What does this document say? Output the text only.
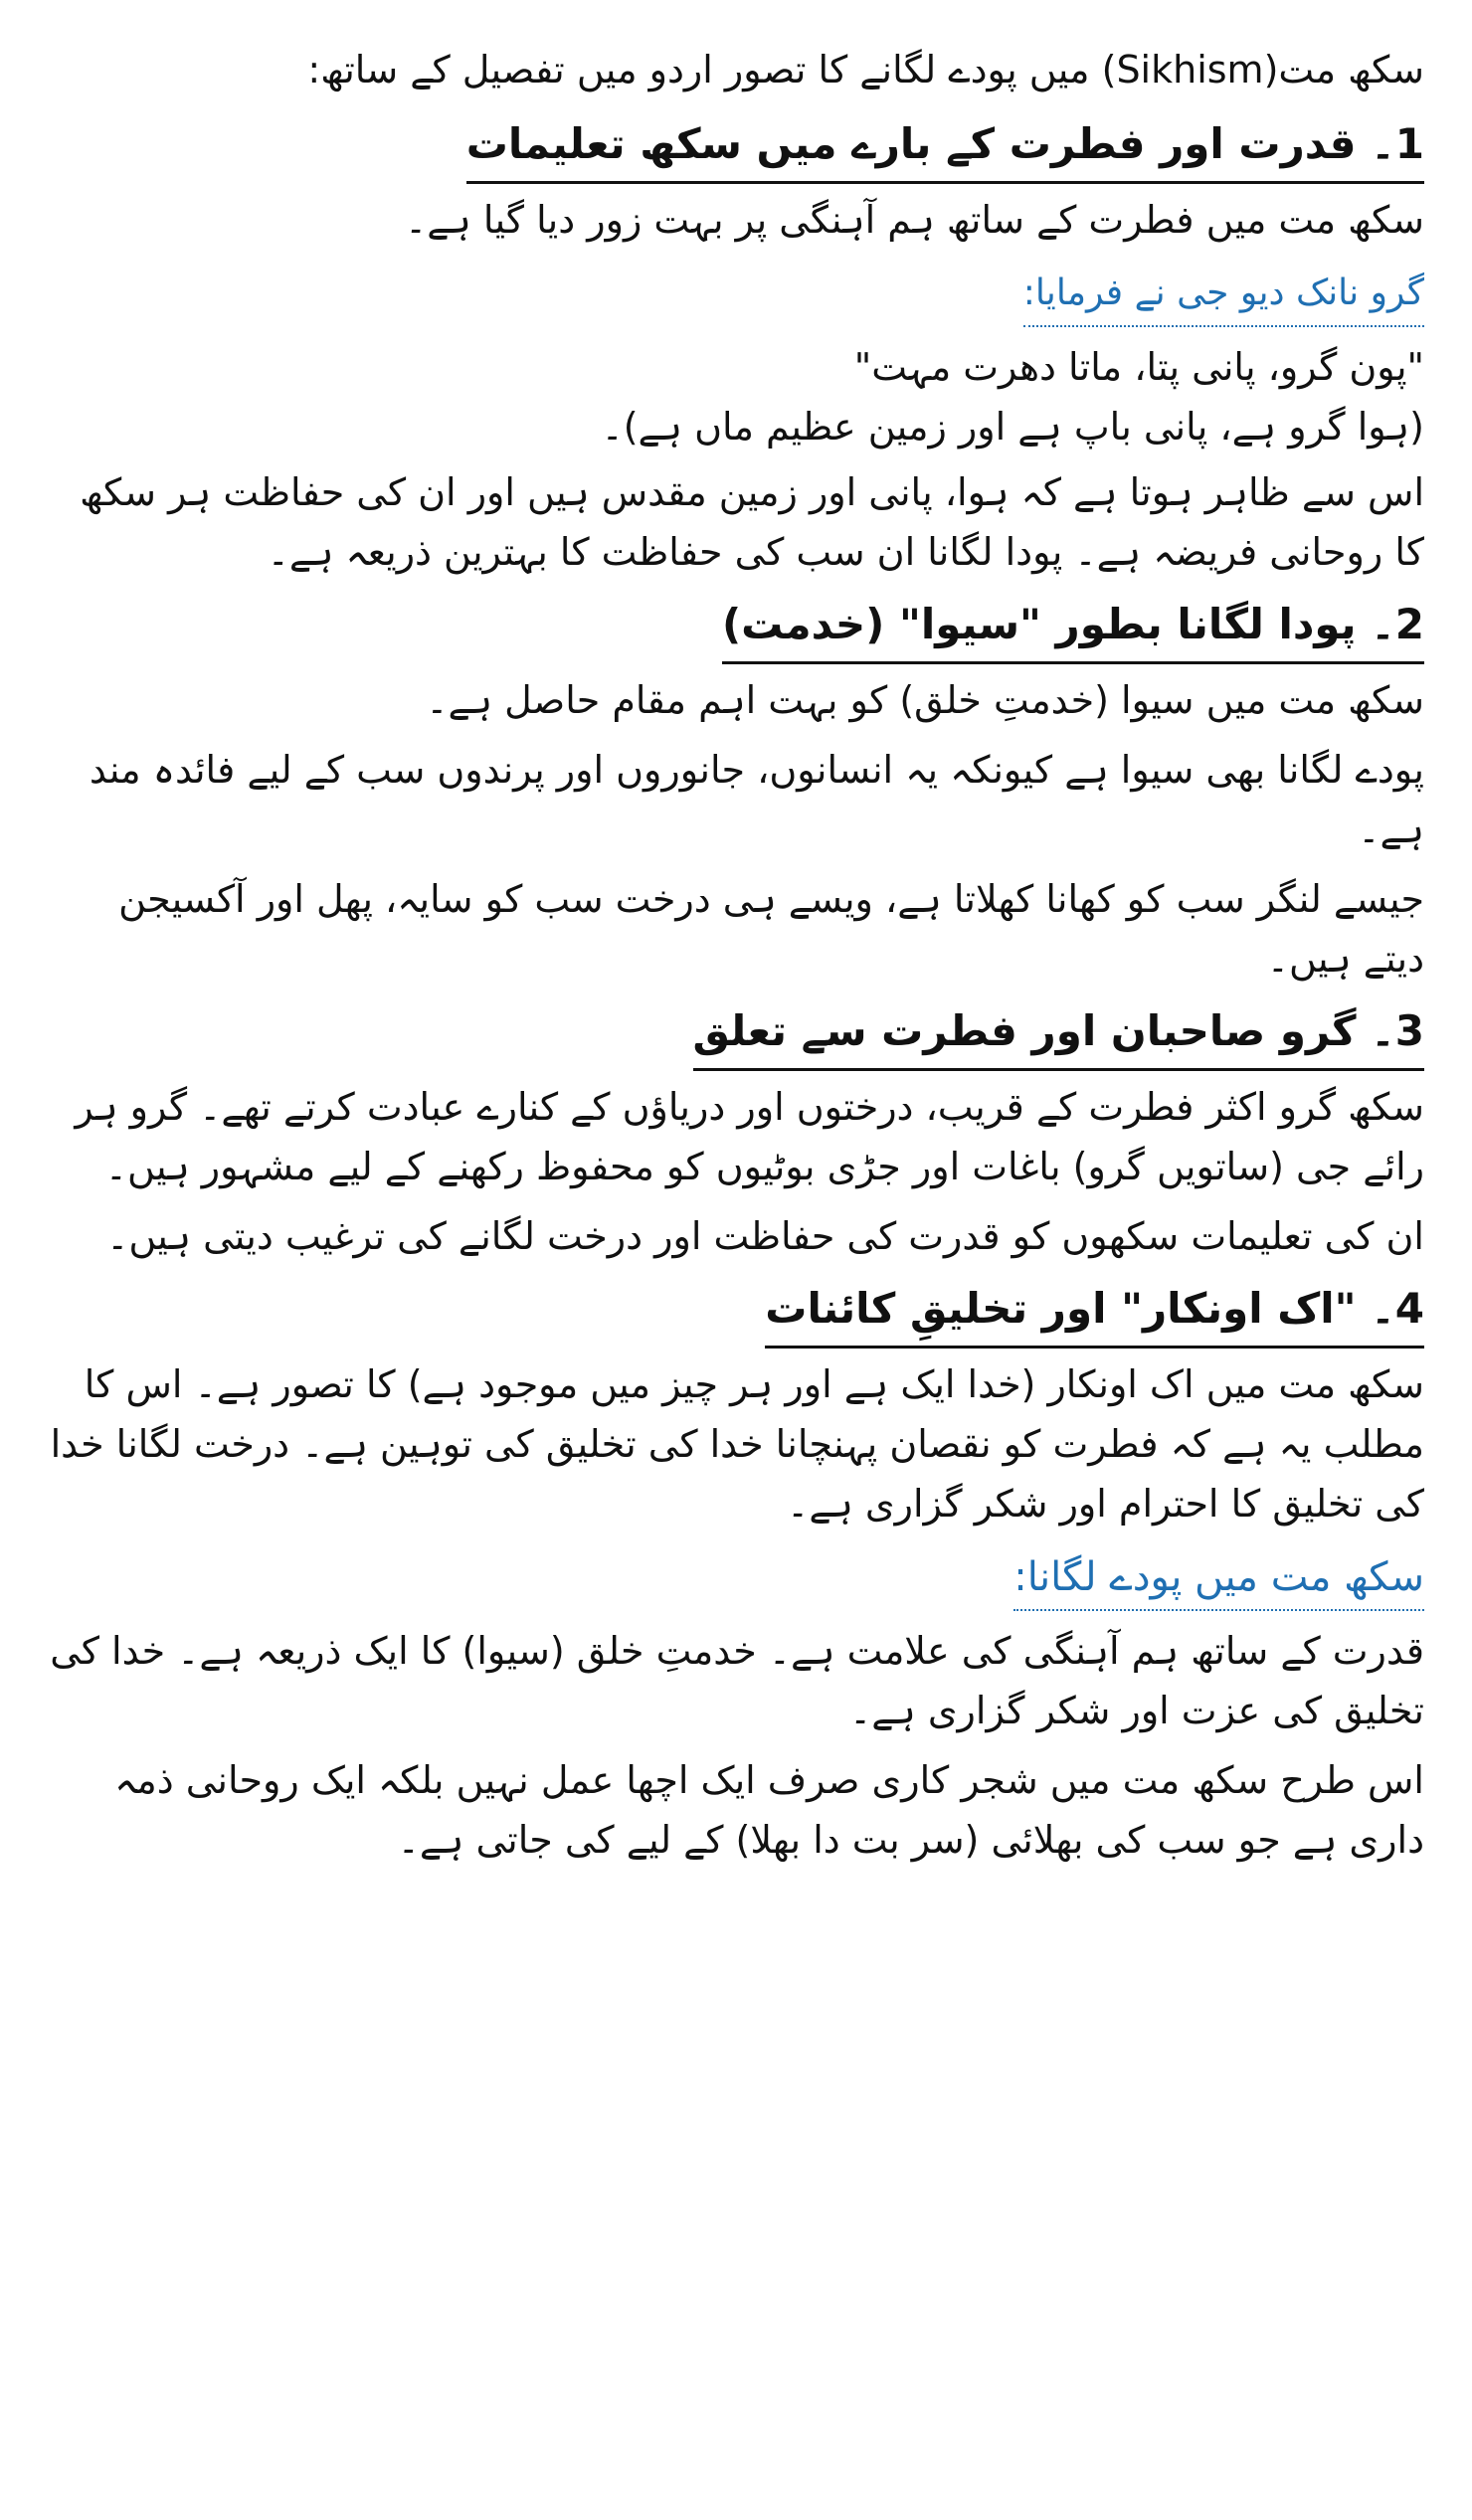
سکھ مت(Sikhism) میں پودے لگانے کا تصور اردو میں تفصیل کے ساتھ:

1۔ قدرت اور فطرت کے بارے میں سکھ تعلیمات

سکھ مت میں فطرت کے ساتھ ہم آہنگی پر بہت زور دیا گیا ہے۔

گرو نانک دیو جی نے فرمایا:

"پون گرو، پانی پتا، ماتا دھرت مہت"

(ہوا گرو ہے، پانی باپ ہے اور زمین عظیم ماں ہے)۔

اس سے ظاہر ہوتا ہے کہ ہوا، پانی اور زمین مقدس ہیں اور ان کی حفاظت ہر سکھ کا روحانی فریضہ ہے۔ پودا لگانا ان سب کی حفاظت کا بہترین ذریعہ ہے۔

2۔ پودا لگانا بطور "سیوا" (خدمت)

سکھ مت میں سیوا (خدمتِ خلق) کو بہت اہم مقام حاصل ہے۔

پودے لگانا بھی سیوا ہے کیونکہ یہ انسانوں، جانوروں اور پرندوں سب کے لیے فائدہ مند ہے۔

جیسے لنگر سب کو کھانا کھلاتا ہے، ویسے ہی درخت سب کو سایہ، پھل اور آکسیجن دیتے ہیں۔

3۔ گرو صاحبان اور فطرت سے تعلق

سکھ گرو اکثر فطرت کے قریب، درختوں اور دریاؤں کے کنارے عبادت کرتے تھے۔ گرو ہر رائے جی (ساتویں گرو) باغات اور جڑی بوٹیوں کو محفوظ رکھنے کے لیے مشہور ہیں۔

ان کی تعلیمات سکھوں کو قدرت کی حفاظت اور درخت لگانے کی ترغیب دیتی ہیں۔

4۔ "اک اونکار" اور تخلیقِ کائنات

سکھ مت میں اک اونکار (خدا ایک ہے اور ہر چیز میں موجود ہے) کا تصور ہے۔ اس کا مطلب یہ ہے کہ فطرت کو نقصان پہنچانا خدا کی تخلیق کی توہین ہے۔ درخت لگانا خدا کی تخلیق کا احترام اور شکر گزاری ہے۔

سکھ مت میں پودے لگانا:

قدرت کے ساتھ ہم آہنگی کی علامت ہے۔ خدمتِ خلق (سیوا) کا ایک ذریعہ ہے۔ خدا کی تخلیق کی عزت اور شکر گزاری ہے۔

اس طرح سکھ مت میں شجر کاری صرف ایک اچھا عمل نہیں بلکہ ایک روحانی ذمہ داری ہے جو سب کی بھلائی (سر بت دا بھلا) کے لیے کی جاتی ہے۔
